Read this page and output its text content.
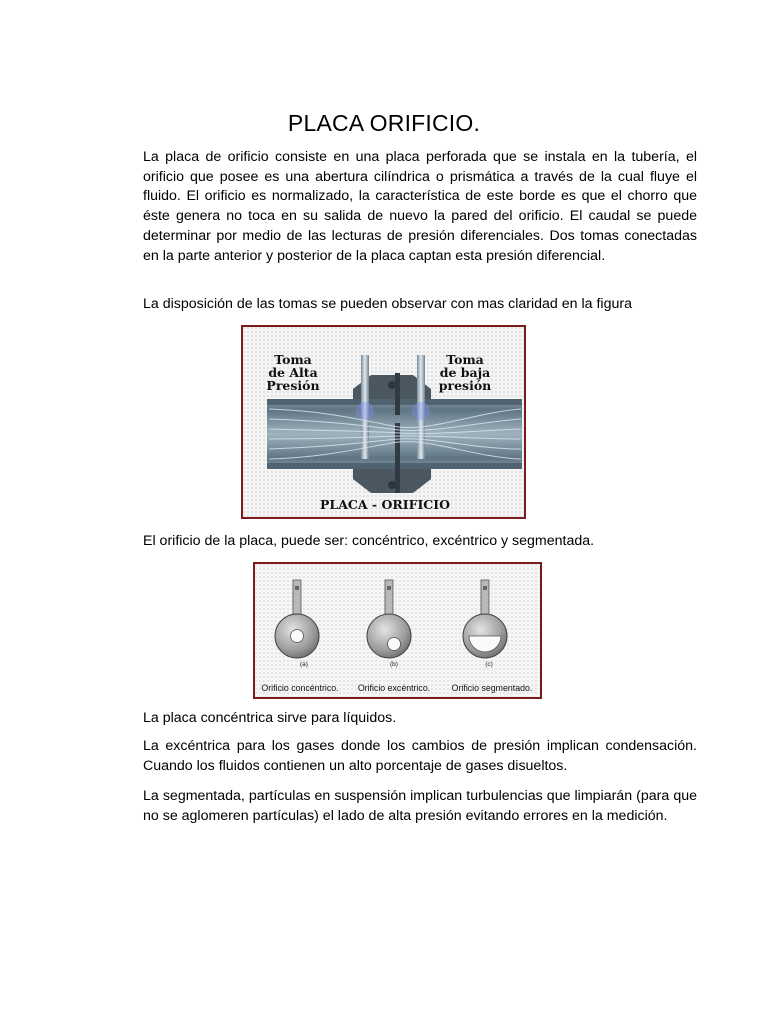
PLACA ORIFICIO.
La placa de orificio consiste en una placa perforada que se instala en la tubería, el orificio que posee es una abertura cilíndrica o prismática a través de la cual fluye el fluido. El orificio es normalizado, la característica de este borde es que el chorro que éste genera no toca en su salida de nuevo la pared del orificio. El caudal se puede determinar por medio de las lecturas de presión diferenciales. Dos tomas conectadas en la parte anterior y posterior de la placa captan esta presión diferencial.
La disposición de las tomas se pueden observar con mas claridad en la figura
Toma
de Alta
Presión
Toma
de baja
presión
PLACA - ORIFICIO
El orificio de la placa, puede ser: concéntrico, excéntrico y segmentada.
(a)	(b)	(c)
Orificio concéntrico. Orificio excéntrico. Orificio segmentado.
La placa concéntrica sirve para líquidos.
La excéntrica para los gases donde los cambios de presión implican condensación. Cuando los fluidos contienen un alto porcentaje de gases disueltos.
La segmentada, partículas en suspensión implican turbulencias que limpiarán (para que no se aglomeren partículas) el lado de alta presión evitando errores en la medición.
